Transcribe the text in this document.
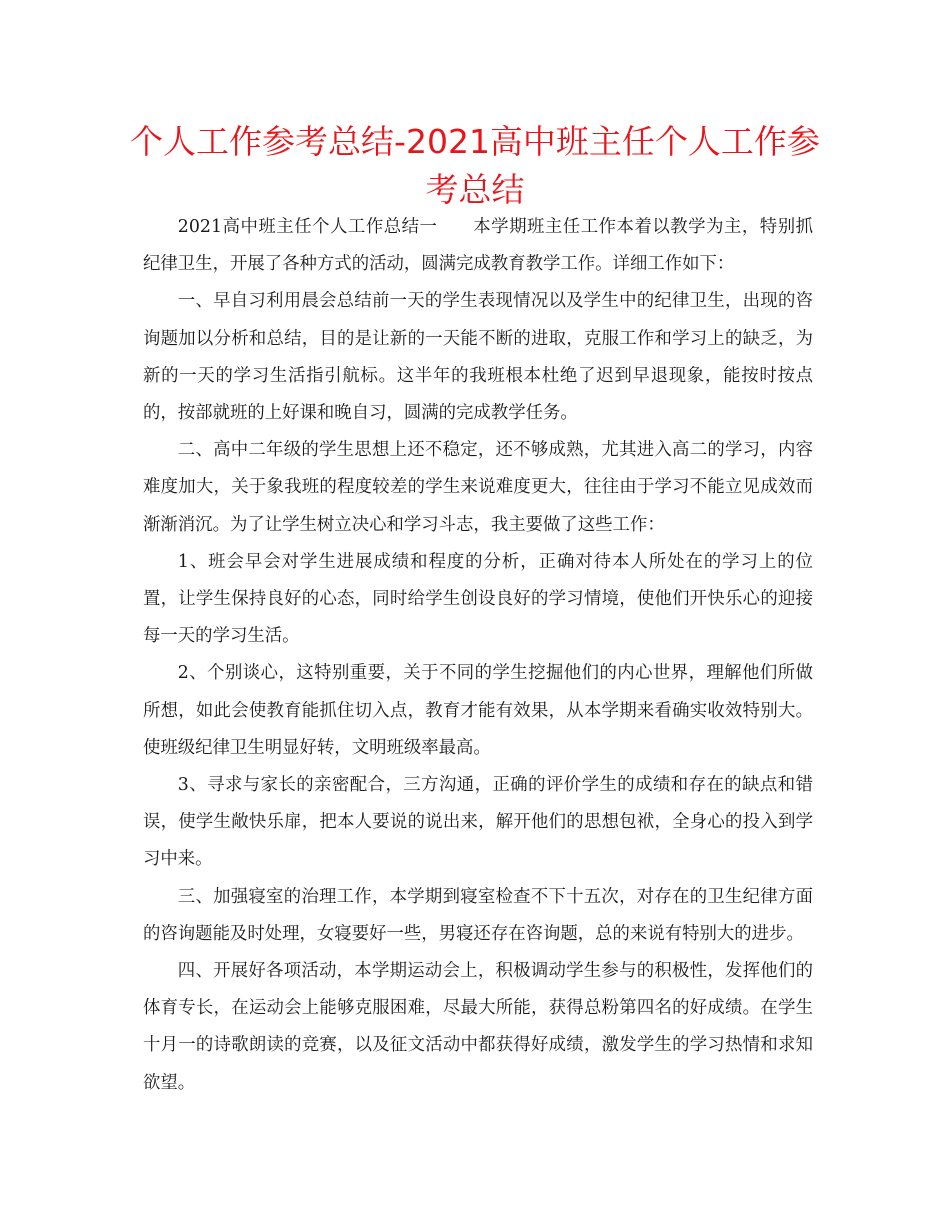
个人工作参考总结-2021高中班主任个人工作参考总结

2021高中班主任个人工作总结一　　本学期班主任工作本着以教学为主，特别抓纪律卫生，开展了各种方式的活动，圆满完成教育教学工作。详细工作如下：

一、早自习利用晨会总结前一天的学生表现情况以及学生中的纪律卫生，出现的咨询题加以分析和总结，目的是让新的一天能不断的进取，克服工作和学习上的缺乏，为新的一天的学习生活指引航标。这半年的我班根本杜绝了迟到早退现象，能按时按点的，按部就班的上好课和晚自习，圆满的完成教学任务。

二、高中二年级的学生思想上还不稳定，还不够成熟，尤其进入高二的学习，内容难度加大，关于象我班的程度较差的学生来说难度更大，往往由于学习不能立见成效而渐渐消沉。为了让学生树立决心和学习斗志，我主要做了这些工作：

1、班会早会对学生进展成绩和程度的分析，正确对待本人所处在的学习上的位置，让学生保持良好的心态，同时给学生创设良好的学习情境，使他们开快乐心的迎接每一天的学习生活。

2、个别谈心，这特别重要，关于不同的学生挖掘他们的内心世界，理解他们所做所想，如此会使教育能抓住切入点，教育才能有效果，从本学期来看确实收效特别大。使班级纪律卫生明显好转，文明班级率最高。

3、寻求与家长的亲密配合，三方沟通，正确的评价学生的成绩和存在的缺点和错误，使学生敞快乐扉，把本人要说的说出来，解开他们的思想包袱，全身心的投入到学习中来。

三、加强寝室的治理工作，本学期到寝室检查不下十五次，对存在的卫生纪律方面的咨询题能及时处理，女寝要好一些，男寝还存在咨询题，总的来说有特别大的进步。

四、开展好各项活动，本学期运动会上，积极调动学生参与的积极性，发挥他们的体育专长，在运动会上能够克服困难，尽最大所能，获得总粉第四名的好成绩。在学生十月一的诗歌朗读的竞赛，以及征文活动中都获得好成绩，激发学生的学习热情和求知欲望。
